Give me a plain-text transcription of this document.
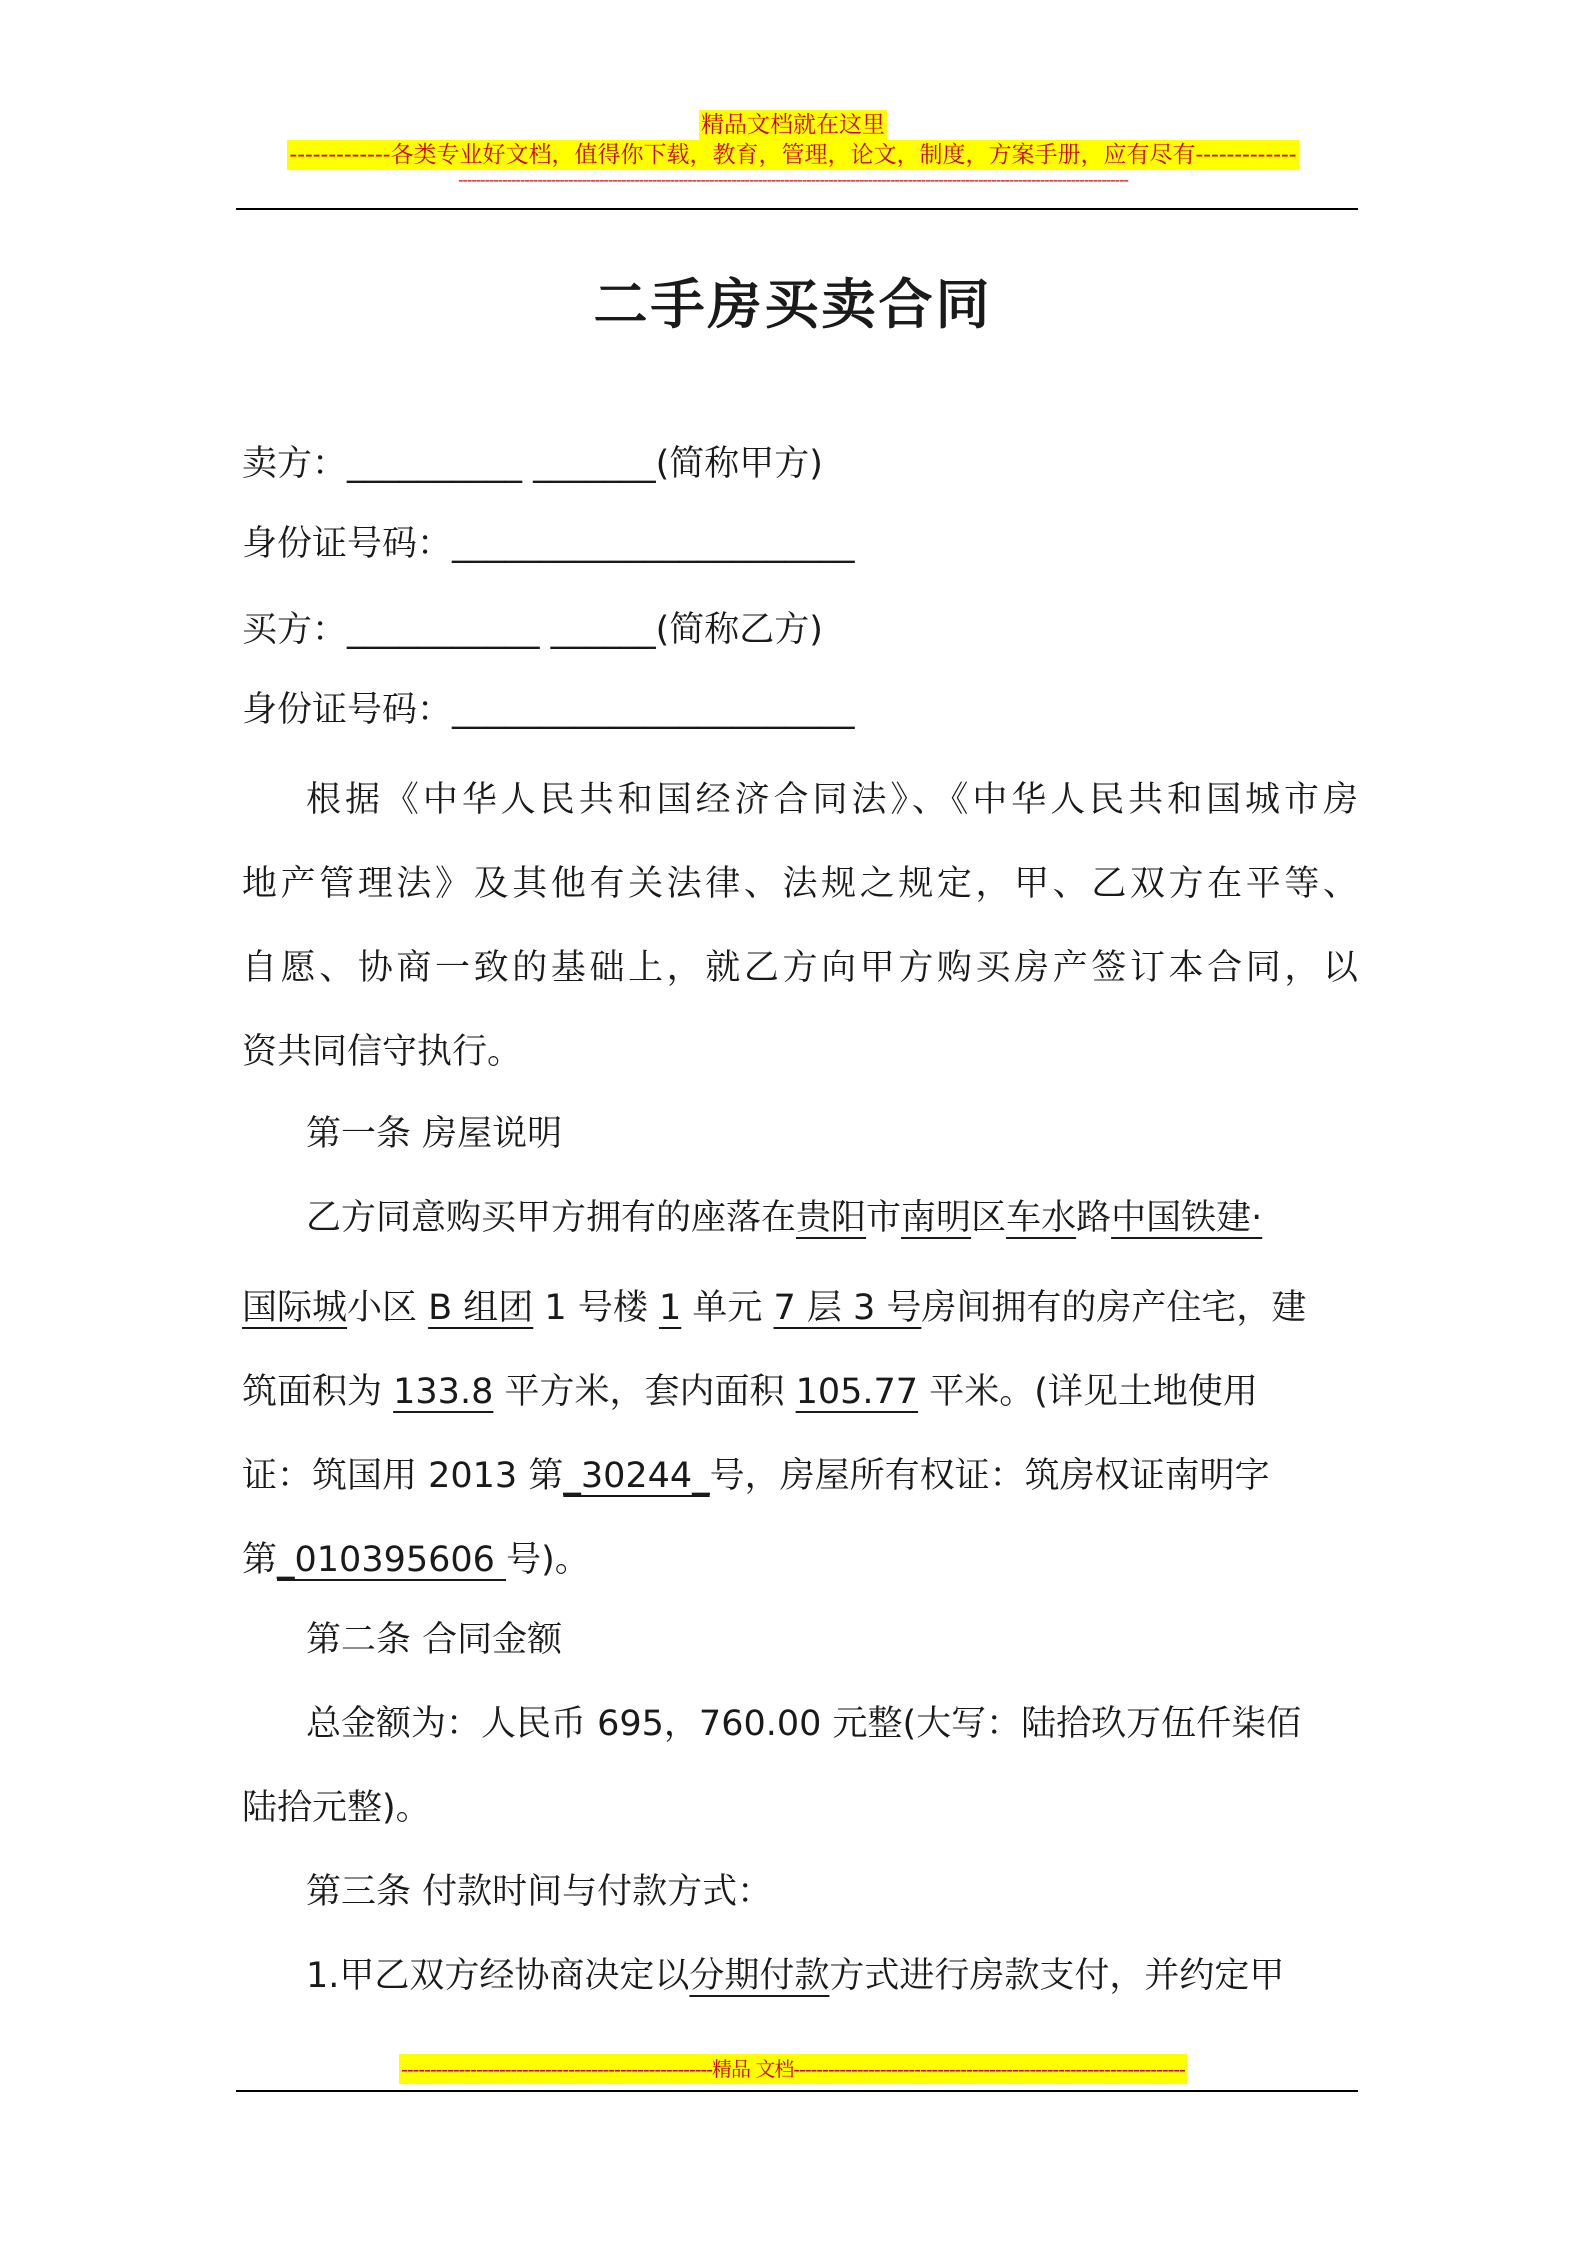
精品文档就在这里
-------------各类专业好文档，值得你下载，教育，管理，论文，制度，方案手册，应有尽有-------------
--------------------------------------------------------------------------------------------------------------------------------------------------------
二手房买卖合同
卖方：__________ _______(简称甲方)
身份证号码：_______________________
买方：___________ ______(简称乙方)
身份证号码：_______________________
根据《中华人民共和国经济合同法》、《中华人民共和国城市房
地产管理法》及其他有关法律、法规之规定，甲、乙双方在平等、
自愿、协商一致的基础上，就乙方向甲方购买房产签订本合同，以
资共同信守执行。
第一条 房屋说明
乙方同意购买甲方拥有的座落在贵阳市南明区车水路中国铁建·
国际城小区 B 组团 1 号楼 1 单元 7 层 3 号房间拥有的房产住宅，建
筑面积为 133.8 平方米，套内面积 105.77 平米。(详见土地使用
证：筑国用 2013 第_30244_号，房屋所有权证：筑房权证南明字
第_010395606 号)。
第二条 合同金额
总金额为：人民币 695，760.00 元整(大写：陆拾玖万伍仟柒佰
陆拾元整)。
第三条 付款时间与付款方式：
1.甲乙双方经协商决定以分期付款方式进行房款支付，并约定甲
------------------------------------------------------精品 文档--------------------------------------------------------------------
